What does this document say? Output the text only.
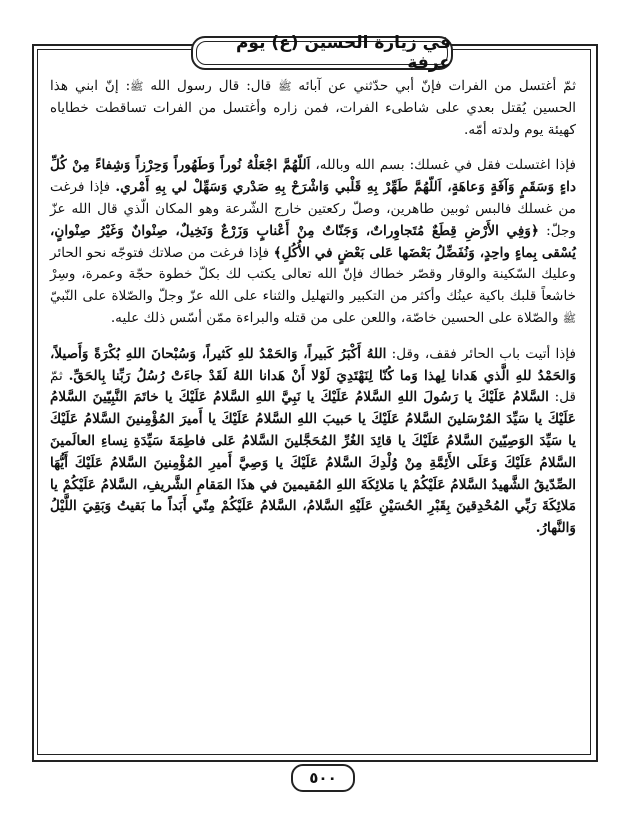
في زيارة الحسين (ع) يوم عرفة

ثمّ أغتسل من الفرات فإنّ أبي حدّثني عن آبائه ﷺ قال: قال رسول الله ﷺ: إنّ ابني هذا الحسين يُقتل بعدي على شاطىء الفرات، فمن زاره وأغتسل من الفرات تساقطت خطاياه كهيئة يوم ولدته أمّه.

فإذا اغتسلت فقل في غسلك: بسم الله وبالله، اَللّهُمَّ اجْعَلْهُ نُوراً وَطَهُوراً وَحِرْزاً وَشِفاءً مِنْ كُلِّ داءٍ وَسَقَمٍ وَآفَةٍ وَعاهَةٍ، اَللّهُمَّ طَهِّرْ بِهِ قَلْبي وَاشْرَحْ بِهِ صَدْري وَسَهِّلْ لي بِهِ أَمْري. فإذا فرغت من غسلك فالبس ثوبين طاهرين، وصلّ ركعتين خارج الشّرعة وهو المكان الّذي قال الله عزّ وجلّ: ﴿وَفِي الأَرْضِ قِطَعٌ مُتَجاوِراتٌ، وَجَنّاتٌ مِنْ أَعْنابٍ وَزَرْعٌ وَنَخِيلٌ، صِنْوانٌ وَغَيْرُ صِنْوانٍ، يُسْقى بِماءٍ واحِدٍ، وَنُفَضِّلُ بَعْضَها عَلى بَعْضٍ في الأُكُلِ﴾ فإذا فرغت من صلاتك فتوجّه نحو الحائر وعليك السّكينة والوقار وقصّر خطاك فإنّ الله تعالى يكتب لك بكلّ خطوة حجّة وعمرة، وسِرْ خاشعاً قلبك باكية عينُك وأكثر من التكبير والتهليل والثناء على الله عزّ وجلّ والصّلاة على النّبيّ ﷺ والصّلاة على الحسين خاصّة، واللعن على من قتله والبراءة ممّن أسّس ذلك عليه.

فإذا أتيت باب الحائر فقف، وقل: اللهُ أَكْبَرُ كَبيراً، وَالحَمْدُ للهِ كَثيراً، وَسُبْحانَ اللهِ بُكْرَةً وَأَصيلاً، وَالحَمْدُ للهِ الَّذي هَدانا لِهذا وَما كُنّا لِنَهْتَدِيَ لَوْلا أَنْ هَدانا اللهُ لَقَدْ جاءَتْ رُسُلُ رَبِّنا بِالحَقِّ. ثمّ قل: السَّلامُ عَلَيْكَ يا رَسُولَ اللهِ السَّلامُ عَلَيْكَ يا نَبِيَّ اللهِ السَّلامُ عَلَيْكَ يا خاتَمَ النَّبِيّينَ السَّلامُ عَلَيْكَ يا سَيِّدَ المُرْسَلينَ السَّلامُ عَلَيْكَ يا حَبيبَ اللهِ السَّلامُ عَلَيْكَ يا أَميرَ المُؤْمِنينَ السَّلامُ عَلَيْكَ يا سَيِّدَ الوَصِيّينَ السَّلامُ عَلَيْكَ يا قائِدَ الغُرِّ المُحَجَّلينَ السَّلامُ عَلى فاطِمَةَ سَيِّدَةِ نِساءِ العالَمينَ السَّلامُ عَلَيْكَ وَعَلَى الأَئِمَّةِ مِنْ وُلْدِكَ السَّلامُ عَلَيْكَ يا وَصِيَّ أَميرِ المُؤْمِنينَ السَّلامُ عَلَيْكَ أَيُّهَا الصِّدّيقُ الشَّهيدُ السَّلامُ عَلَيْكُمْ يا مَلائِكَةَ اللهِ المُقيمينَ في هذَا المَقامِ الشَّريفِ، السَّلامُ عَلَيْكُمْ يا مَلائِكَةَ رَبِّي المُحْدِقينَ بِقَبْرِ الحُسَيْنِ عَلَيْهِ السَّلامُ، السَّلامُ عَلَيْكُمْ مِنّي أَبَداً ما بَقيتُ وَبَقِيَ اللَّيْلُ وَالنَّهارُ.

٥٠٠
